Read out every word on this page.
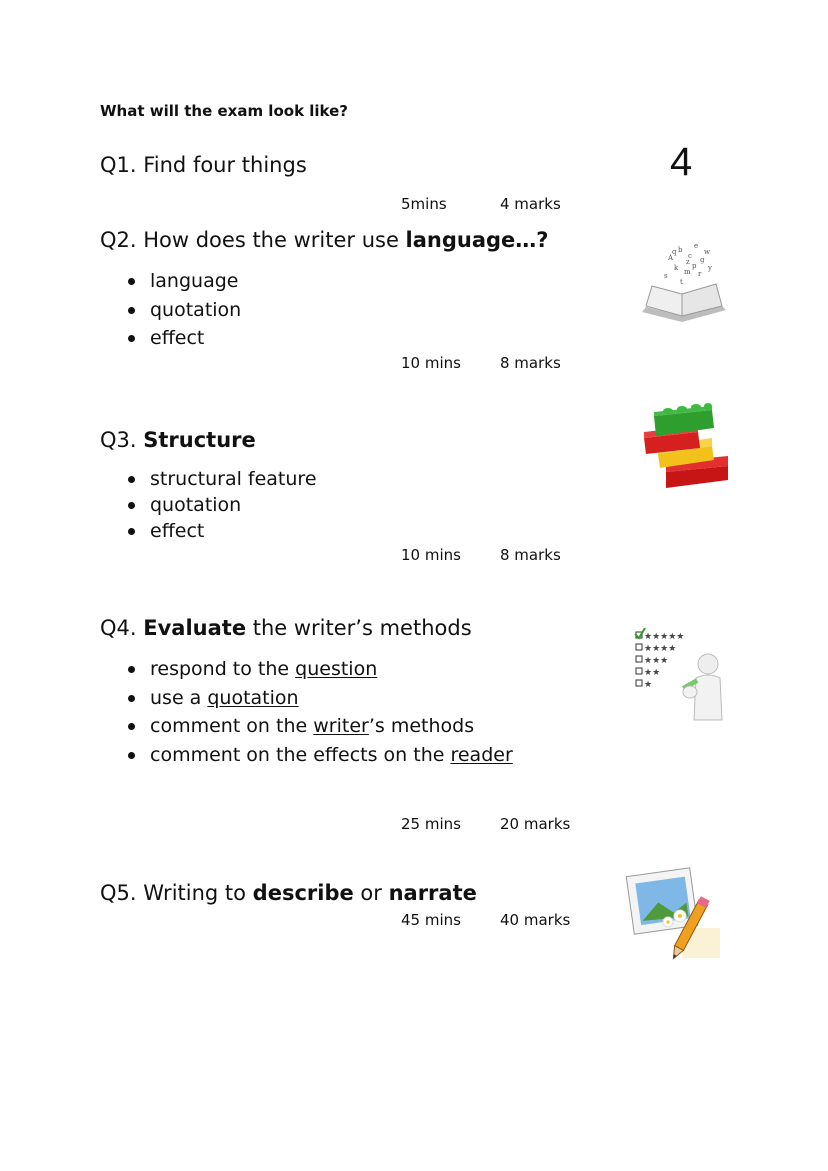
What will the exam look like?
4
Q1. Find four things
5mins	4 marks
Q2. How does the writer use language…?
language
quotation
effect
10 mins	8 marks
A
b
c
e
g
k m
p
r
s
t
w
y
z
q
Q3. Structure
structural feature
quotation
effect
10 mins	8 marks
Q4. Evaluate the writer’s methods
respond to the question
use a quotation
comment on the writer’s methods
comment on the effects on the reader
25 mins	20 marks
★★★★★
★★★★
★★★
★★
★
Q5. Writing to describe or narrate
45 mins	40 marks
